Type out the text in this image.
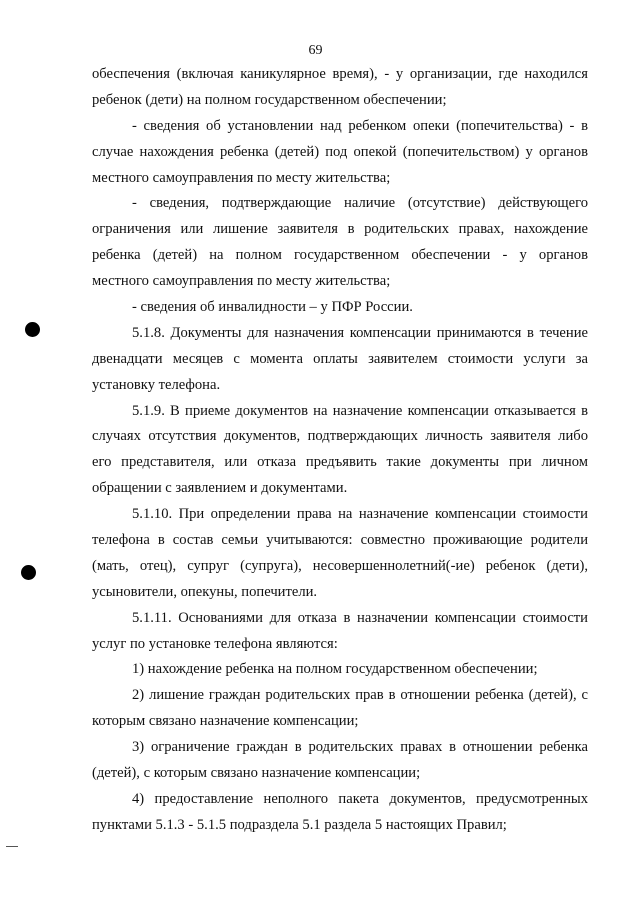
69
обеспечения (включая каникулярное время), - у организации, где находился
ребенок (дети) на полном государственном обеспечении;
- сведения об установлении над ребенком опеки (попечительства) - в
случае нахождения ребенка (детей) под опекой (попечительством) у органов
местного самоуправления по месту жительства;
- сведения, подтверждающие наличие (отсутствие) действующего
ограничения или лишение заявителя в родительских правах, нахождение
ребенка (детей) на полном государственном обеспечении - у органов
местного самоуправления по месту жительства;
- сведения об инвалидности – у ПФР России.
5.1.8. Документы для назначения компенсации принимаются в течение
двенадцати месяцев с момента оплаты заявителем стоимости услуги за
установку телефона.
5.1.9. В приеме документов на назначение компенсации отказывается в
случаях отсутствия документов, подтверждающих личность заявителя либо
его представителя, или отказа предъявить такие документы при личном
обращении с заявлением и документами.
5.1.10. При определении права на назначение компенсации стоимости
телефона в состав семьи учитываются: совместно проживающие родители
(мать, отец), супруг (супруга), несовершеннолетний(-ие) ребенок (дети),
усыновители, опекуны, попечители.
5.1.11. Основаниями для отказа в назначении компенсации стоимости
услуг по установке телефона являются:
1) нахождение ребенка на полном государственном обеспечении;
2) лишение граждан родительских прав в отношении ребенка (детей), с
которым связано назначение компенсации;
3) ограничение граждан в родительских правах в отношении ребенка
(детей), с которым связано назначение компенсации;
4) предоставление неполного пакета документов, предусмотренных
пунктами 5.1.3 - 5.1.5 подраздела 5.1 раздела 5 настоящих Правил;
